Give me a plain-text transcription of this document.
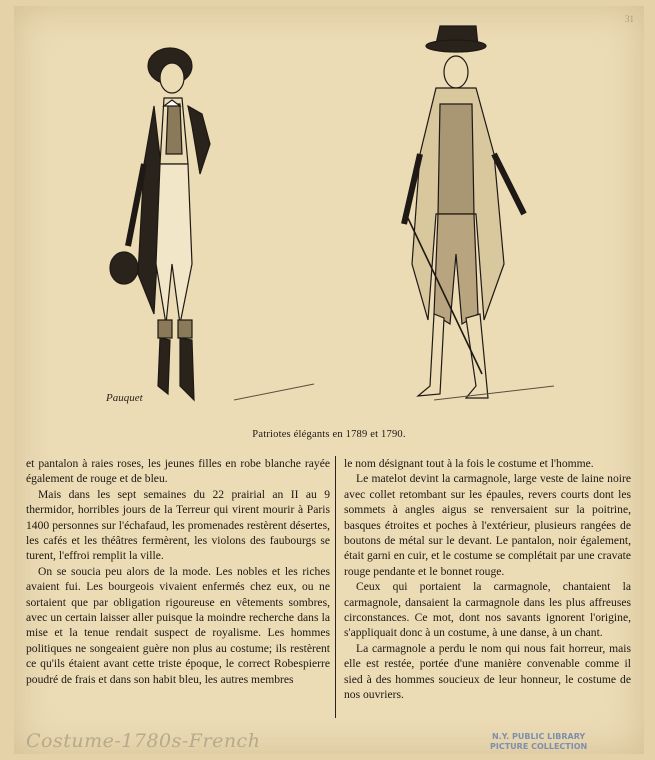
31
Pauquet
Patriotes élégants en 1789 et 1790.

et pantalon à raies roses, les jeunes filles en robe blanche rayée également de rouge et de bleu.

Mais dans les sept semaines du 22 prairial an II au 9 thermidor, horribles jours de la Terreur qui virent mourir à Paris 1400 personnes sur l'échafaud, les promenades restèrent désertes, les cafés et les théâtres fermèrent, les violons des faubourgs se turent, l'effroi remplit la ville.

On se soucia peu alors de la mode. Les nobles et les riches avaient fui. Les bourgeois vivaient enfermés chez eux, ou ne sortaient que par obligation rigoureuse en vêtements sombres, avec un certain laisser aller puisque la moindre recherche dans la mise et la tenue rendait suspect de royalisme. Les hommes politiques ne songeaient guère non plus au costume; ils restèrent ce qu'ils étaient avant cette triste époque, le correct Robespierre poudré de frais et dans son habit bleu, les autres membres

le nom désignant tout à la fois le costume et l'homme.

Le matelot devint la carmagnole, large veste de laine noire avec collet retombant sur les épaules, revers courts dont les sommets à angles aigus se renversaient sur la poitrine, basques étroites et poches à l'extérieur, plusieurs rangées de boutons de métal sur le devant. Le pantalon, noir également, était garni en cuir, et le costume se complétait par une cravate rouge pendante et le bonnet rouge.

Ceux qui portaient la carmagnole, chantaient la carmagnole, dansaient la carmagnole dans les plus affreuses circonstances. Ce mot, dont nos savants ignorent l'origine, s'appliquait donc à un costume, à une danse, à un chant.

La carmagnole a perdu le nom qui nous fait horreur, mais elle est restée, portée d'une manière convenable comme il sied à des hommes soucieux de leur honneur, le costume de nos ouvriers.

Costume-1780s-French	N.Y. PUBLIC LIBRARY
PICTURE COLLECTION
